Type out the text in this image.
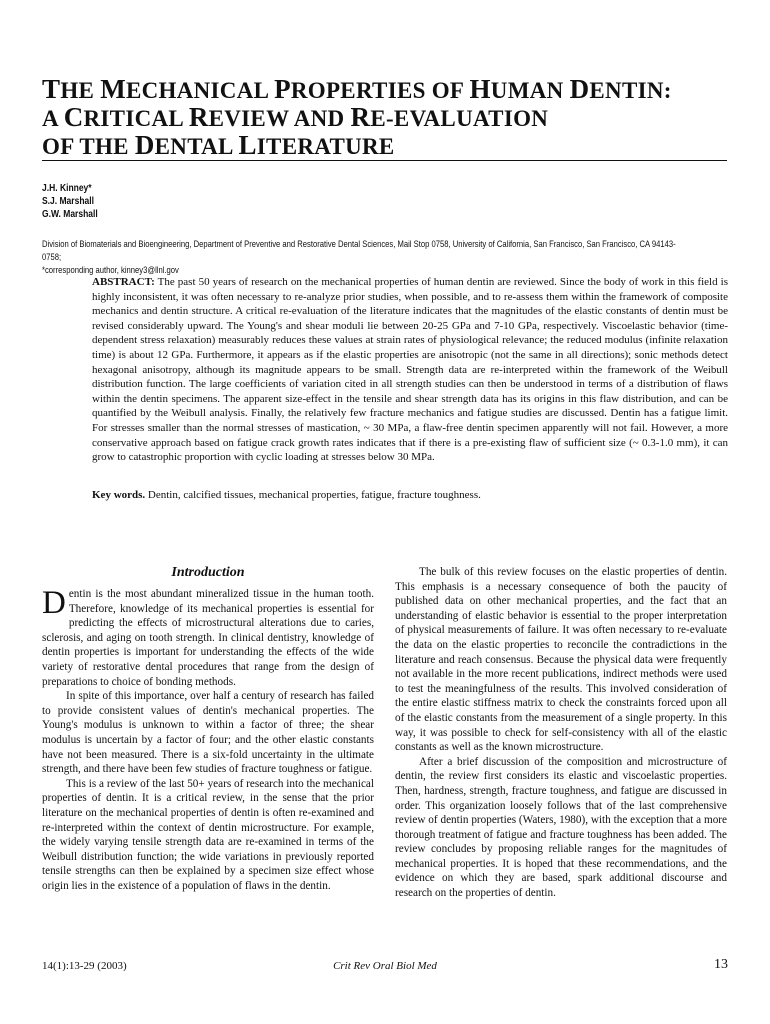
THE MECHANICAL PROPERTIES OF HUMAN DENTIN:
A CRITICAL REVIEW AND RE-EVALUATION
OF THE DENTAL LITERATURE
J.H. Kinney*
S.J. Marshall
G.W. Marshall
Division of Biomaterials and Bioengineering, Department of Preventive and Restorative Dental Sciences, Mail Stop 0758, University of California, San Francisco, San Francisco, CA 94143-0758;
*corresponding author, kinney3@llnl.gov

ABSTRACT: The past 50 years of research on the mechanical properties of human dentin are reviewed. Since the body of work in this field is highly inconsistent, it was often necessary to re-analyze prior studies, when possible, and to re-assess them within the framework of composite mechanics and dentin structure. A critical re-evaluation of the literature indicates that the magnitudes of the elastic constants of dentin must be revised considerably upward. The Young's and shear moduli lie between 20-25 GPa and 7-10 GPa, respectively. Viscoelastic behavior (time-dependent stress relaxation) measurably reduces these values at strain rates of physiological relevance; the reduced modulus (infinite relaxation time) is about 12 GPa. Furthermore, it appears as if the elastic properties are anisotropic (not the same in all directions); sonic methods detect hexagonal anisotropy, although its magnitude appears to be small. Strength data are re-interpreted within the framework of the Weibull distribution function. The large coefficients of variation cited in all strength studies can then be understood in terms of a distribution of flaws within the dentin specimens. The apparent size-effect in the tensile and shear strength data has its origins in this flaw distribution, and can be quantified by the Weibull analysis. Finally, the relatively few fracture mechanics and fatigue studies are discussed. Dentin has a fatigue limit. For stresses smaller than the normal stresses of mastication, ~ 30 MPa, a flaw-free dentin specimen apparently will not fail. However, a more conservative approach based on fatigue crack growth rates indicates that if there is a pre-existing flaw of sufficient size (~ 0.3-1.0 mm), it can grow to catastrophic proportion with cyclic loading at stresses below 30 MPa.

Key words. Dentin, calcified tissues, mechanical properties, fatigue, fracture toughness.

Introduction

Dentin is the most abundant mineralized tissue in the human tooth. Therefore, knowledge of its mechanical properties is essential for predicting the effects of microstructural alterations due to caries, sclerosis, and aging on tooth strength. In clinical dentistry, knowledge of dentin properties is important for understanding the effects of the wide variety of restorative dental procedures that range from the design of preparations to choice of bonding methods.

In spite of this importance, over half a century of research has failed to provide consistent values of dentin's mechanical properties. The Young's modulus is unknown to within a factor of three; the shear modulus is uncertain by a factor of four; and the other elastic constants have not been measured. There is a six-fold uncertainty in the ultimate strength, and there have been few studies of fracture toughness or fatigue.

This is a review of the last 50+ years of research into the mechanical properties of dentin. It is a critical review, in the sense that the prior literature on the mechanical properties of dentin is often re-examined and re-interpreted within the context of dentin microstructure. For example, the widely varying tensile strength data are re-examined in terms of the Weibull distribution function; the wide variations in previously reported tensile strengths can then be explained by a specimen size effect whose origin lies in the existence of a population of flaws in the dentin.

The bulk of this review focuses on the elastic properties of dentin. This emphasis is a necessary consequence of both the paucity of published data on other mechanical properties, and the fact that an understanding of elastic behavior is essential to the proper interpretation of physical measurements of failure. It was often necessary to re-evaluate the data on the elastic properties to reconcile the contradictions in the literature and reach consensus. Because the physical data were frequently not available in the more recent publications, indirect methods were used to test the meaningfulness of the results. This involved consideration of the entire elastic stiffness matrix to check the constraints forced upon all of the elastic constants from the measurement of a single property. In this way, it was possible to check for self-consistency with all of the elastic constants as well as the known microstructure.

After a brief discussion of the composition and microstructure of dentin, the review first considers its elastic and viscoelastic properties. Then, hardness, strength, fracture toughness, and fatigue are discussed in order. This organization loosely follows that of the last comprehensive review of dentin properties (Waters, 1980), with the exception that a more thorough treatment of fatigue and fracture toughness has been added. The review concludes by proposing reliable ranges for the magnitudes of mechanical properties. It is hoped that these recommendations, and the evidence on which they are based, spark additional discourse and research on the properties of dentin.

14(1):13-29 (2003)	Crit Rev Oral Biol Med	13
